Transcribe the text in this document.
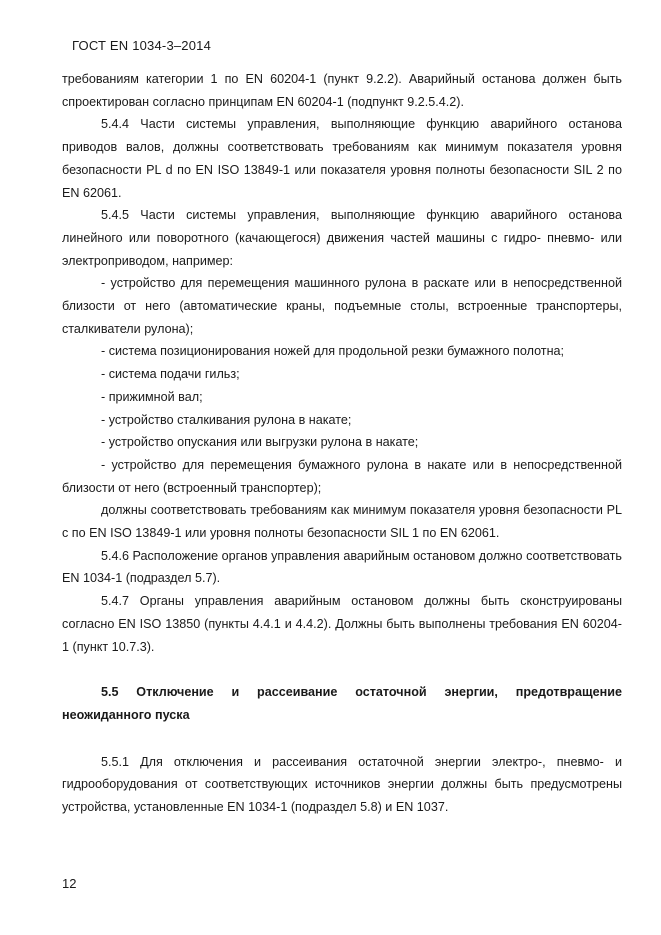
ГОСТ EN 1034-3–2014

требованиям категории 1 по EN 60204-1 (пункт 9.2.2). Аварийный останова должен быть спроектирован согласно принципам EN 60204-1 (подпункт 9.2.5.4.2).

5.4.4 Части системы управления, выполняющие функцию аварийного останова приводов валов, должны соответствовать требованиям как минимум показателя уровня безопасности PL d по EN ISO 13849-1 или показателя уровня полноты безопасности SIL 2 по EN 62061.

5.4.5 Части системы управления, выполняющие функцию аварийного останова линейного или поворотного (качающегося) движения частей машины с гидро- пневмо- или электроприводом, например:

- устройство для перемещения машинного рулона в раскате или в непосредственной близости от него (автоматические краны, подъемные столы, встроенные транспортеры, сталкиватели рулона);

- система позиционирования ножей для продольной резки бумажного полотна;

- система подачи гильз;

- прижимной вал;

- устройство сталкивания рулона в накате;

- устройство опускания или выгрузки рулона в накате;

- устройство для перемещения бумажного рулона в накате или в непосредственной близости от него (встроенный транспортер);

должны соответствовать требованиям как минимум показателя уровня безопасности PL c по EN ISO 13849-1 или уровня полноты безопасности SIL 1 по EN 62061.

5.4.6 Расположение органов управления аварийным остановом должно соответствовать EN 1034-1 (подраздел 5.7).

5.4.7 Органы управления аварийным остановом должны быть сконструированы согласно EN ISO 13850 (пункты 4.4.1 и 4.4.2). Должны быть выполнены требования EN 60204-1 (пункт 10.7.3).

5.5 Отключение и рассеивание остаточной энергии, предотвращение неожиданного пуска

5.5.1 Для отключения и рассеивания остаточной энергии электро-, пневмо- и гидрооборудования от соответствующих источников энергии должны быть предусмотрены устройства, установленные EN 1034-1 (подраздел 5.8) и EN 1037.

12
